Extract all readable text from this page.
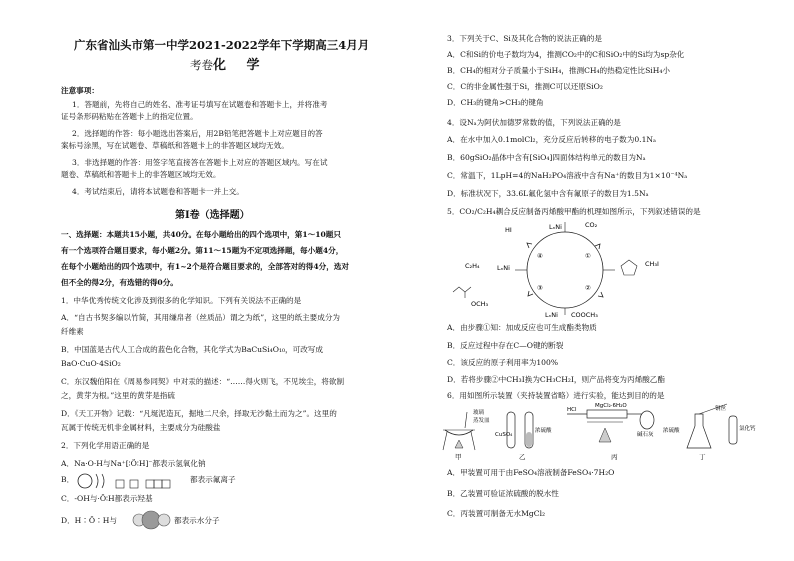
广东省汕头市第一中学2021-2022学年下学期高三4月月
考卷化 学
注意事项：
1．答题前，先将自己的姓名、准考证号填写在试题卷和答题卡上，并将准考
证号条形码粘贴在答题卡上的指定位置。
2．选择题的作答：每小题选出答案后，用2B铅笔把答题卡上对应题目的答
案标号涂黑，写在试题卷、草稿纸和答题卡上的非答题区域均无效。
3．非选择题的作答：用签字笔直接答在答题卡上对应的答题区域内。写在试
题卷、草稿纸和答题卡上的非答题区域均无效。
4．考试结束后，请将本试题卷和答题卡一并上交。
第Ⅰ卷（选择题）
一、选择题：本题共15小题，共40分。在每小题给出的四个选项中，第1～10题只
有一个选项符合题目要求，每小题2分。第11～15题为不定项选择题，每小题4分，
在每个小题给出的四个选项中，有1~2个是符合题目要求的，全部答对的得4分，选对
但不全的得2分，有选错的得0分。
1．中华优秀传统文化涉及到很多的化学知识。下列有关说法不正确的是
A．“自古书契多编以竹简，其用缣帛者（丝质品）谓之为纸”，这里的纸主要成分为
纤维素
B．中国蓝是古代人工合成的蓝色化合物，其化学式为BaCuSi₄O₁₀，可改写成
BaO·CuO·4SiO₂
C．东汉魏伯阳在《周易参同契》中对汞的描述：“……得火则飞，不见埃尘，将欲制
之，黄芽为根。”这里的黄芽是指硫
D．《天工开物》记载：“凡埏泥造瓦，掘地二尺余，择取无沙黏土而为之”。这里的
瓦属于传统无机非金属材料，主要成分为硅酸盐
2．下列化学用语正确的是
A．Na·O·H与Na⁺[∶Ö∶H]⁻都表示氢氧化钠
B．	都表示氟离子
C．-OH与·Ö∶H都表示羟基
D．H∶Ö∶H与	都表示水分子
3．下列关于C、Si及其化合物的说法正确的是
A．C和Si的价电子数均为4，推测CO₂中的C和SiO₂中的Si均为sp杂化
B．CH₄的相对分子质量小于SiH₄，推测CH₄的热稳定性比SiH₄小
C．C的非金属性强于Si，推测C可以还原SiO₂
D．CH₃的键角>CH₃的键角
4．设Nₐ为阿伏加德罗常数的值，下列说法正确的是
A．在水中加入0.1molCl₂，充分反应后转移的电子数为0.1Nₐ
B．60gSiO₂晶体中含有[SiO₄]四面体结构单元的数目为Nₐ
C．常温下，1LpH=4的NaH₂PO₄溶液中含有Na⁺的数目为1×10⁻⁴Nₐ
D．标准状况下，33.6L氟化氢中含有氟原子的数目为1.5Nₐ
5．CO₂/C₂H₄耦合反应制备丙烯酸甲酯的机理如图所示，下列叙述错误的是
LₙNi	CO₂
HI
④	①
②
③
C₂H₄	LₙNi	CH₃I
OCH₃
LₙNi COOCH₃
A．由步骤①知：加成反应也可生成酯类物质
B．反应过程中存在C—O键的断裂
C．该反应的原子利用率为100%
D．若将步骤②中CH₃I换为CH₃CH₂I，则产品将变为丙烯酸乙酯
6．用如图所示装置（夹持装置省略）进行实验，能达到目的的是
玻璃
蒸发皿
甲
CuSO₄
浓硫酸
乙
HCl
MgCl₂·6H₂O
碱石灰
丙
铜丝
浓硫酸	氯化钙
丁
A．甲装置可用于由FeSO₄溶液制备FeSO₄·7H₂O
B．乙装置可验证浓硫酸的脱水性
C．丙装置可制备无水MgCl₂
